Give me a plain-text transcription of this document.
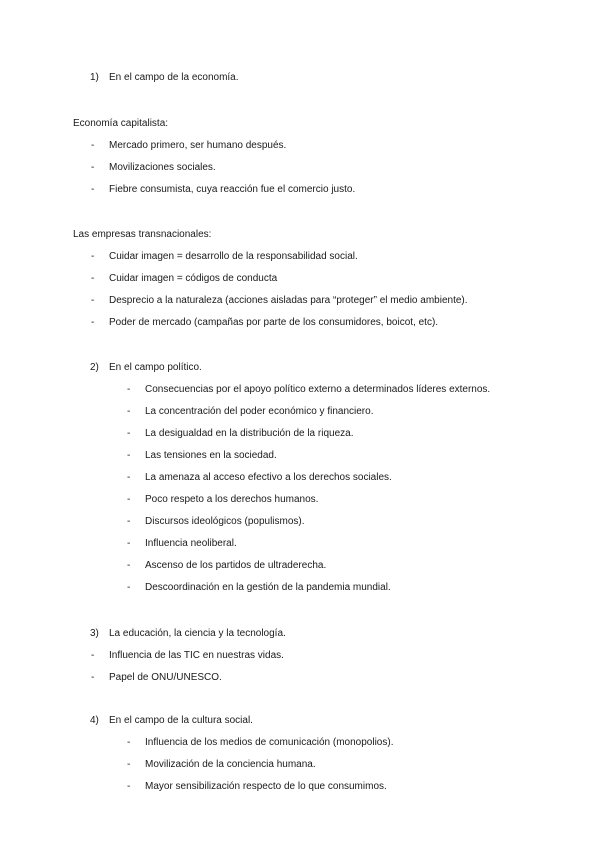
1) En el campo de la economía.
Economía capitalista:
- Mercado primero, ser humano después.
- Movilizaciones sociales.
- Fiebre consumista, cuya reacción fue el comercio justo.
Las empresas transnacionales:
- Cuidar imagen = desarrollo de la responsabilidad social.
- Cuidar imagen = códigos de conducta
- Desprecio a la naturaleza (acciones aisladas para “proteger” el medio ambiente).
- Poder de mercado (campañas por parte de los consumidores, boicot, etc).
2) En el campo político.
- Consecuencias por el apoyo político externo a determinados líderes externos.
- La concentración del poder económico y financiero.
- La desigualdad en la distribución de la riqueza.
- Las tensiones en la sociedad.
- La amenaza al acceso efectivo a los derechos sociales.
- Poco respeto a los derechos humanos.
- Discursos ideológicos (populismos).
- Influencia neoliberal.
- Ascenso de los partidos de ultraderecha.
- Descoordinación en la gestión de la pandemia mundial.
3) La educación, la ciencia y la tecnología.
- Influencia de las TIC en nuestras vidas.
- Papel de ONU/UNESCO.
4) En el campo de la cultura social.
- Influencia de los medios de comunicación (monopolios).
- Movilización de la conciencia humana.
- Mayor sensibilización respecto de lo que consumimos.
